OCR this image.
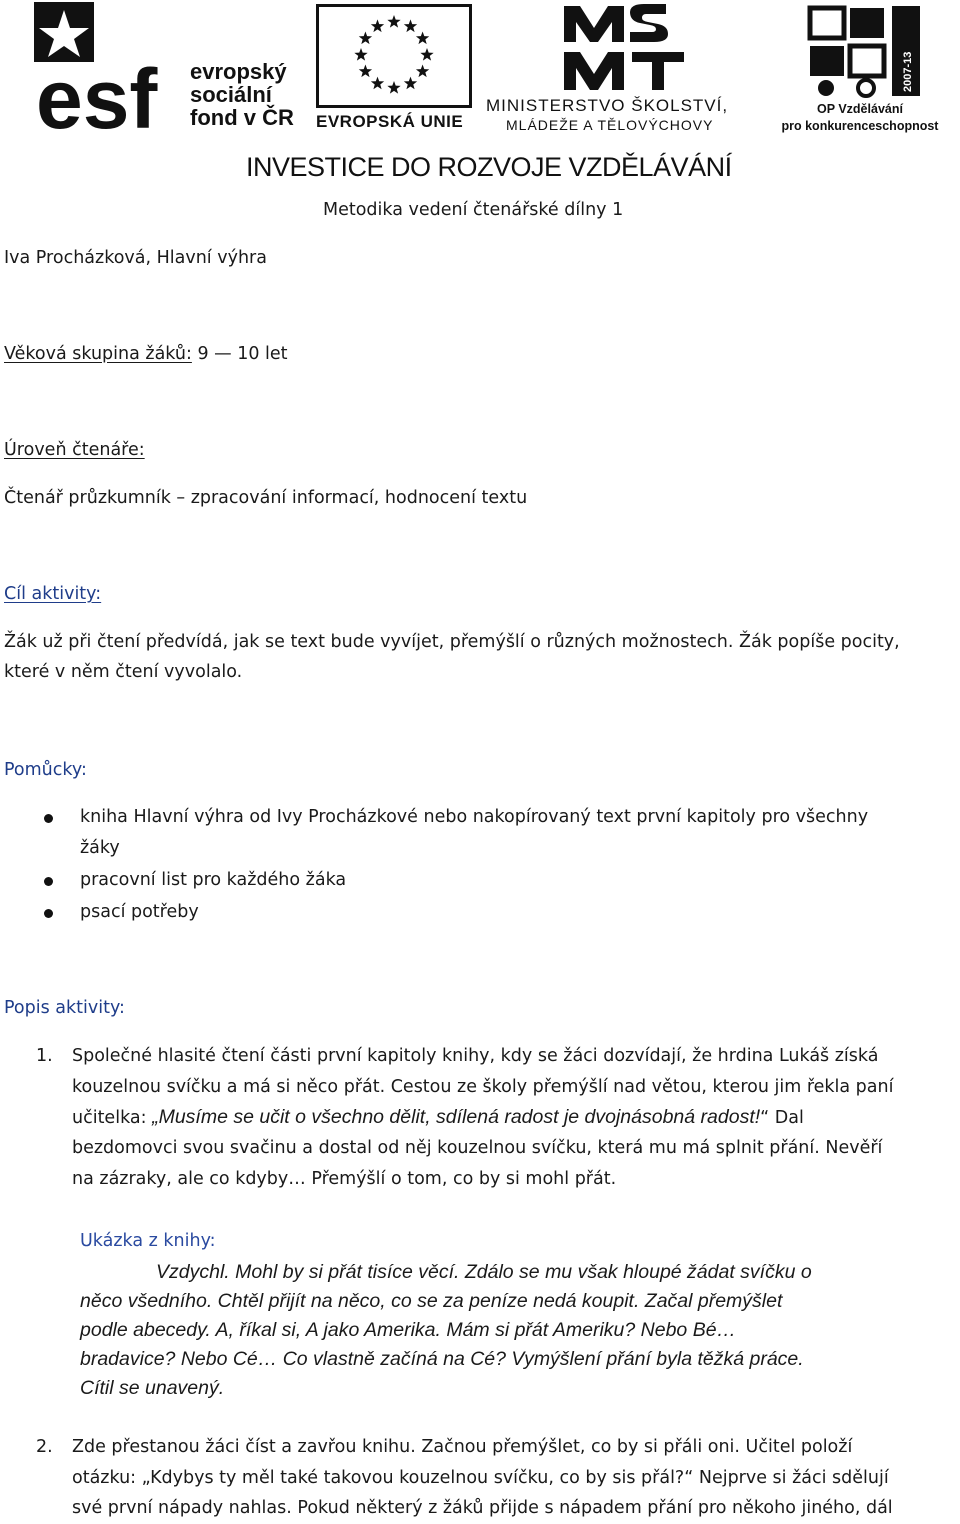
esf evropský
sociální
fond v ČR EVROPSKÁ UNIE
MINISTERSTVO ŠKOLSTVÍ,
MLÁDEŽE A TĚLOVÝCHOVY
2007-13
OP Vzdělávání
pro konkurenceschopnost
INVESTICE DO ROZVOJE VZDĚLÁVÁNÍ
Metodika vedení čtenářské dílny 1
Iva Procházková, Hlavní výhra
Věková skupina žáků: 9 — 10 let
Úroveň čtenáře:
Čtenář průzkumník – zpracování informací, hodnocení textu
Cíl aktivity:
Žák už při čtení předvídá, jak se text bude vyvíjet, přemýšlí o různých možnostech. Žák popíše pocity,
které v něm čtení vyvolalo.
Pomůcky:
kniha Hlavní výhra od Ivy Procházkové nebo nakopírovaný text první kapitoly pro všechny
žáky
pracovní list pro každého žáka
psací potřeby
Popis aktivity:
1. Společné hlasité čtení části první kapitoly knihy, kdy se žáci dozvídají, že hrdina Lukáš získá
kouzelnou svíčku a má si něco přát. Cestou ze školy přemýšlí nad větou, kterou jim řekla paní
učitelka: „Musíme se učit o všechno dělit, sdílená radost je dvojnásobná radost!“ Dal
bezdomovci svou svačinu a dostal od něj kouzelnou svíčku, která mu má splnit přání. Nevěří
na zázraky, ale co kdyby… Přemýšlí o tom, co by si mohl přát.
Ukázka z knihy:
Vzdychl. Mohl by si přát tisíce věcí. Zdálo se mu však hloupé žádat svíčku o
něco všedního. Chtěl přijít na něco, co se za peníze nedá koupit. Začal přemýšlet
podle abecedy. A, říkal si, A jako Amerika. Mám si přát Ameriku? Nebo Bé…
bradavice? Nebo Cé… Co vlastně začíná na Cé? Vymýšlení přání byla těžká práce.
Cítil se unavený.
2. Zde přestanou žáci číst a zavřou knihu. Začnou přemýšlet, co by si přáli oni. Učitel položí
otázku: „Kdybys ty měl také takovou kouzelnou svíčku, co by sis přál?“ Nejprve si žáci sdělují
své první nápady nahlas. Pokud některý z žáků přijde s nápadem přání pro někoho jiného, dál
